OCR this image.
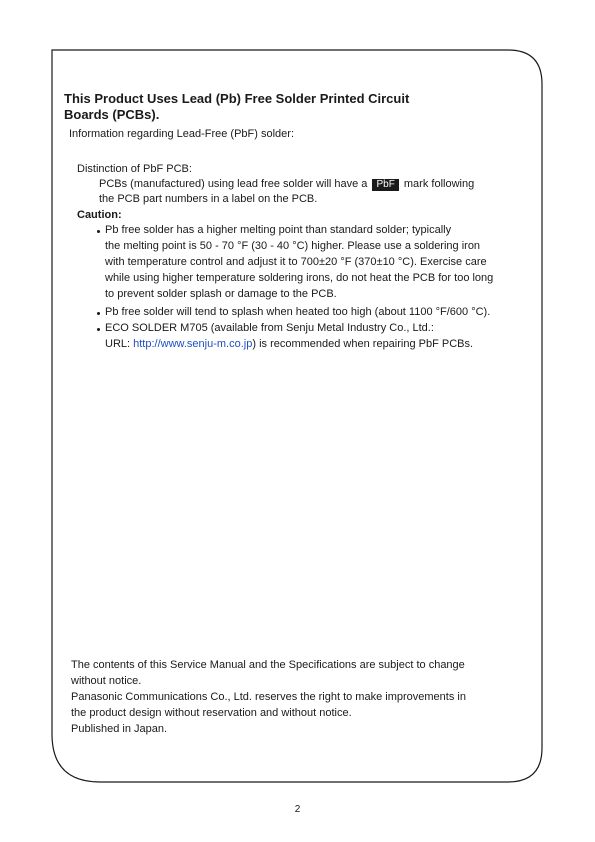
This Product Uses Lead (Pb) Free Solder Printed Circuit
Boards (PCBs).
Information regarding Lead-Free (PbF) solder:
Distinction of PbF PCB:
PCBs (manufactured) using lead free solder will have a PbF mark following
the PCB part numbers in a label on the PCB.
Caution:
Pb free solder has a higher melting point than standard solder; typically
the melting point is 50 - 70 °F (30 - 40 °C) higher. Please use a soldering iron
with temperature control and adjust it to 700±20 °F (370±10 °C). Exercise care
while using higher temperature soldering irons, do not heat the PCB for too long
to prevent solder splash or damage to the PCB.
Pb free solder will tend to splash when heated too high (about 1100 °F/600 °C).
ECO SOLDER M705 (available from Senju Metal Industry Co., Ltd.:
URL: http://www.senju-m.co.jp) is recommended when repairing PbF PCBs.
The contents of this Service Manual and the Specifications are subject to change
without notice.
Panasonic Communications Co., Ltd. reserves the right to make improvements in
the product design without reservation and without notice.
Published in Japan.
2
